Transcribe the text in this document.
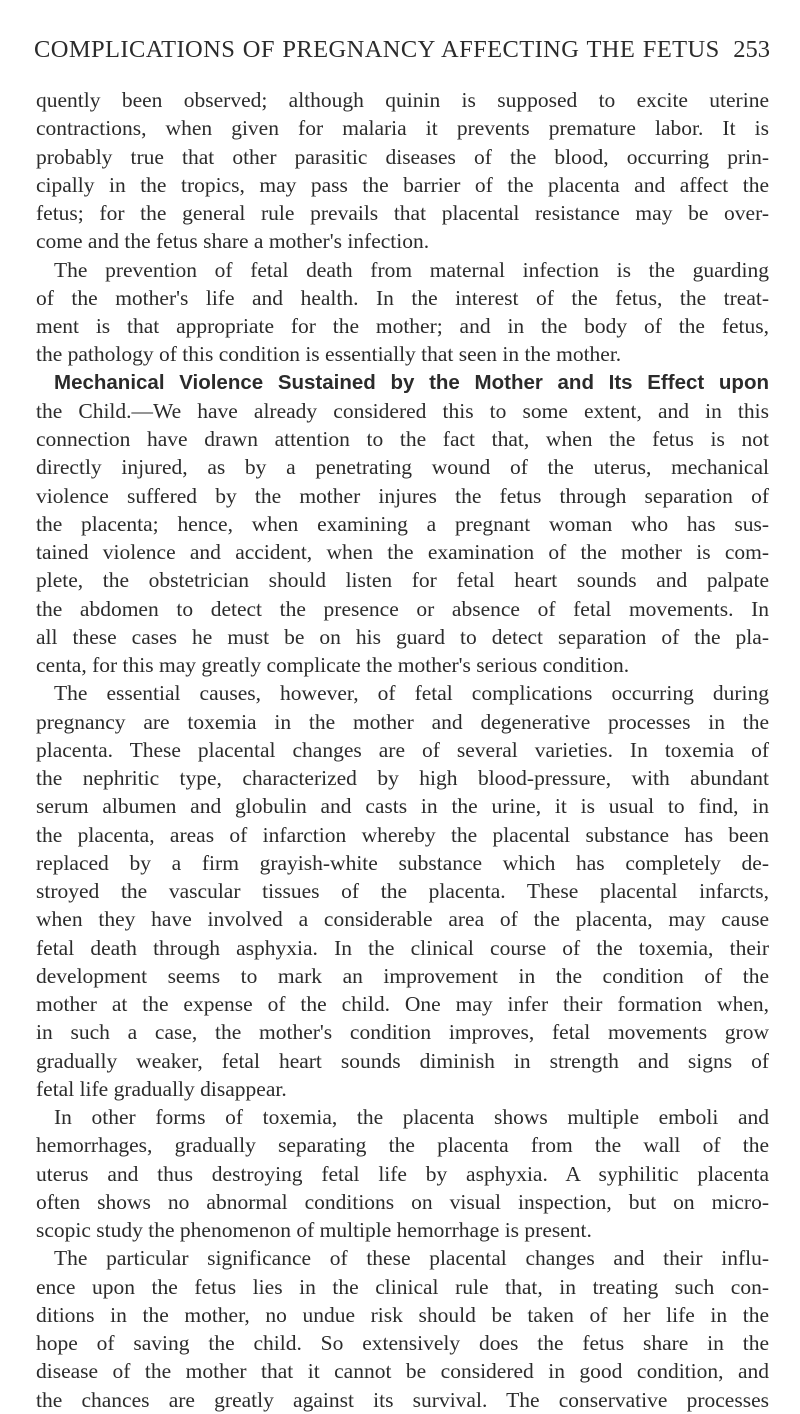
COMPLICATIONS OF PREGNANCY AFFECTING THE FETUS 253
quently been observed; although quinin is supposed to excite uterine
contractions, when given for malaria it prevents premature labor. It is
probably true that other parasitic diseases of the blood, occurring prin-
cipally in the tropics, may pass the barrier of the placenta and affect the
fetus; for the general rule prevails that placental resistance may be over-
come and the fetus share a mother's infection.
The prevention of fetal death from maternal infection is the guarding
of the mother's life and health. In the interest of the fetus, the treat-
ment is that appropriate for the mother; and in the body of the fetus,
the pathology of this condition is essentially that seen in the mother.
Mechanical Violence Sustained by the Mother and Its Effect upon
the Child.—We have already considered this to some extent, and in this
connection have drawn attention to the fact that, when the fetus is not
directly injured, as by a penetrating wound of the uterus, mechanical
violence suffered by the mother injures the fetus through separation of
the placenta; hence, when examining a pregnant woman who has sus-
tained violence and accident, when the examination of the mother is com-
plete, the obstetrician should listen for fetal heart sounds and palpate
the abdomen to detect the presence or absence of fetal movements. In
all these cases he must be on his guard to detect separation of the pla-
centa, for this may greatly complicate the mother's serious condition.
The essential causes, however, of fetal complications occurring during
pregnancy are toxemia in the mother and degenerative processes in the
placenta. These placental changes are of several varieties. In toxemia of
the nephritic type, characterized by high blood-pressure, with abundant
serum albumen and globulin and casts in the urine, it is usual to find, in
the placenta, areas of infarction whereby the placental substance has been
replaced by a firm grayish-white substance which has completely de-
stroyed the vascular tissues of the placenta. These placental infarcts,
when they have involved a considerable area of the placenta, may cause
fetal death through asphyxia. In the clinical course of the toxemia, their
development seems to mark an improvement in the condition of the
mother at the expense of the child. One may infer their formation when,
in such a case, the mother's condition improves, fetal movements grow
gradually weaker, fetal heart sounds diminish in strength and signs of
fetal life gradually disappear.
In other forms of toxemia, the placenta shows multiple emboli and
hemorrhages, gradually separating the placenta from the wall of the
uterus and thus destroying fetal life by asphyxia. A syphilitic placenta
often shows no abnormal conditions on visual inspection, but on micro-
scopic study the phenomenon of multiple hemorrhage is present.
The particular significance of these placental changes and their influ-
ence upon the fetus lies in the clinical rule that, in treating such con-
ditions in the mother, no undue risk should be taken of her life in the
hope of saving the child. So extensively does the fetus share in the
disease of the mother that it cannot be considered in good condition, and
the chances are greatly against its survival. The conservative processes
